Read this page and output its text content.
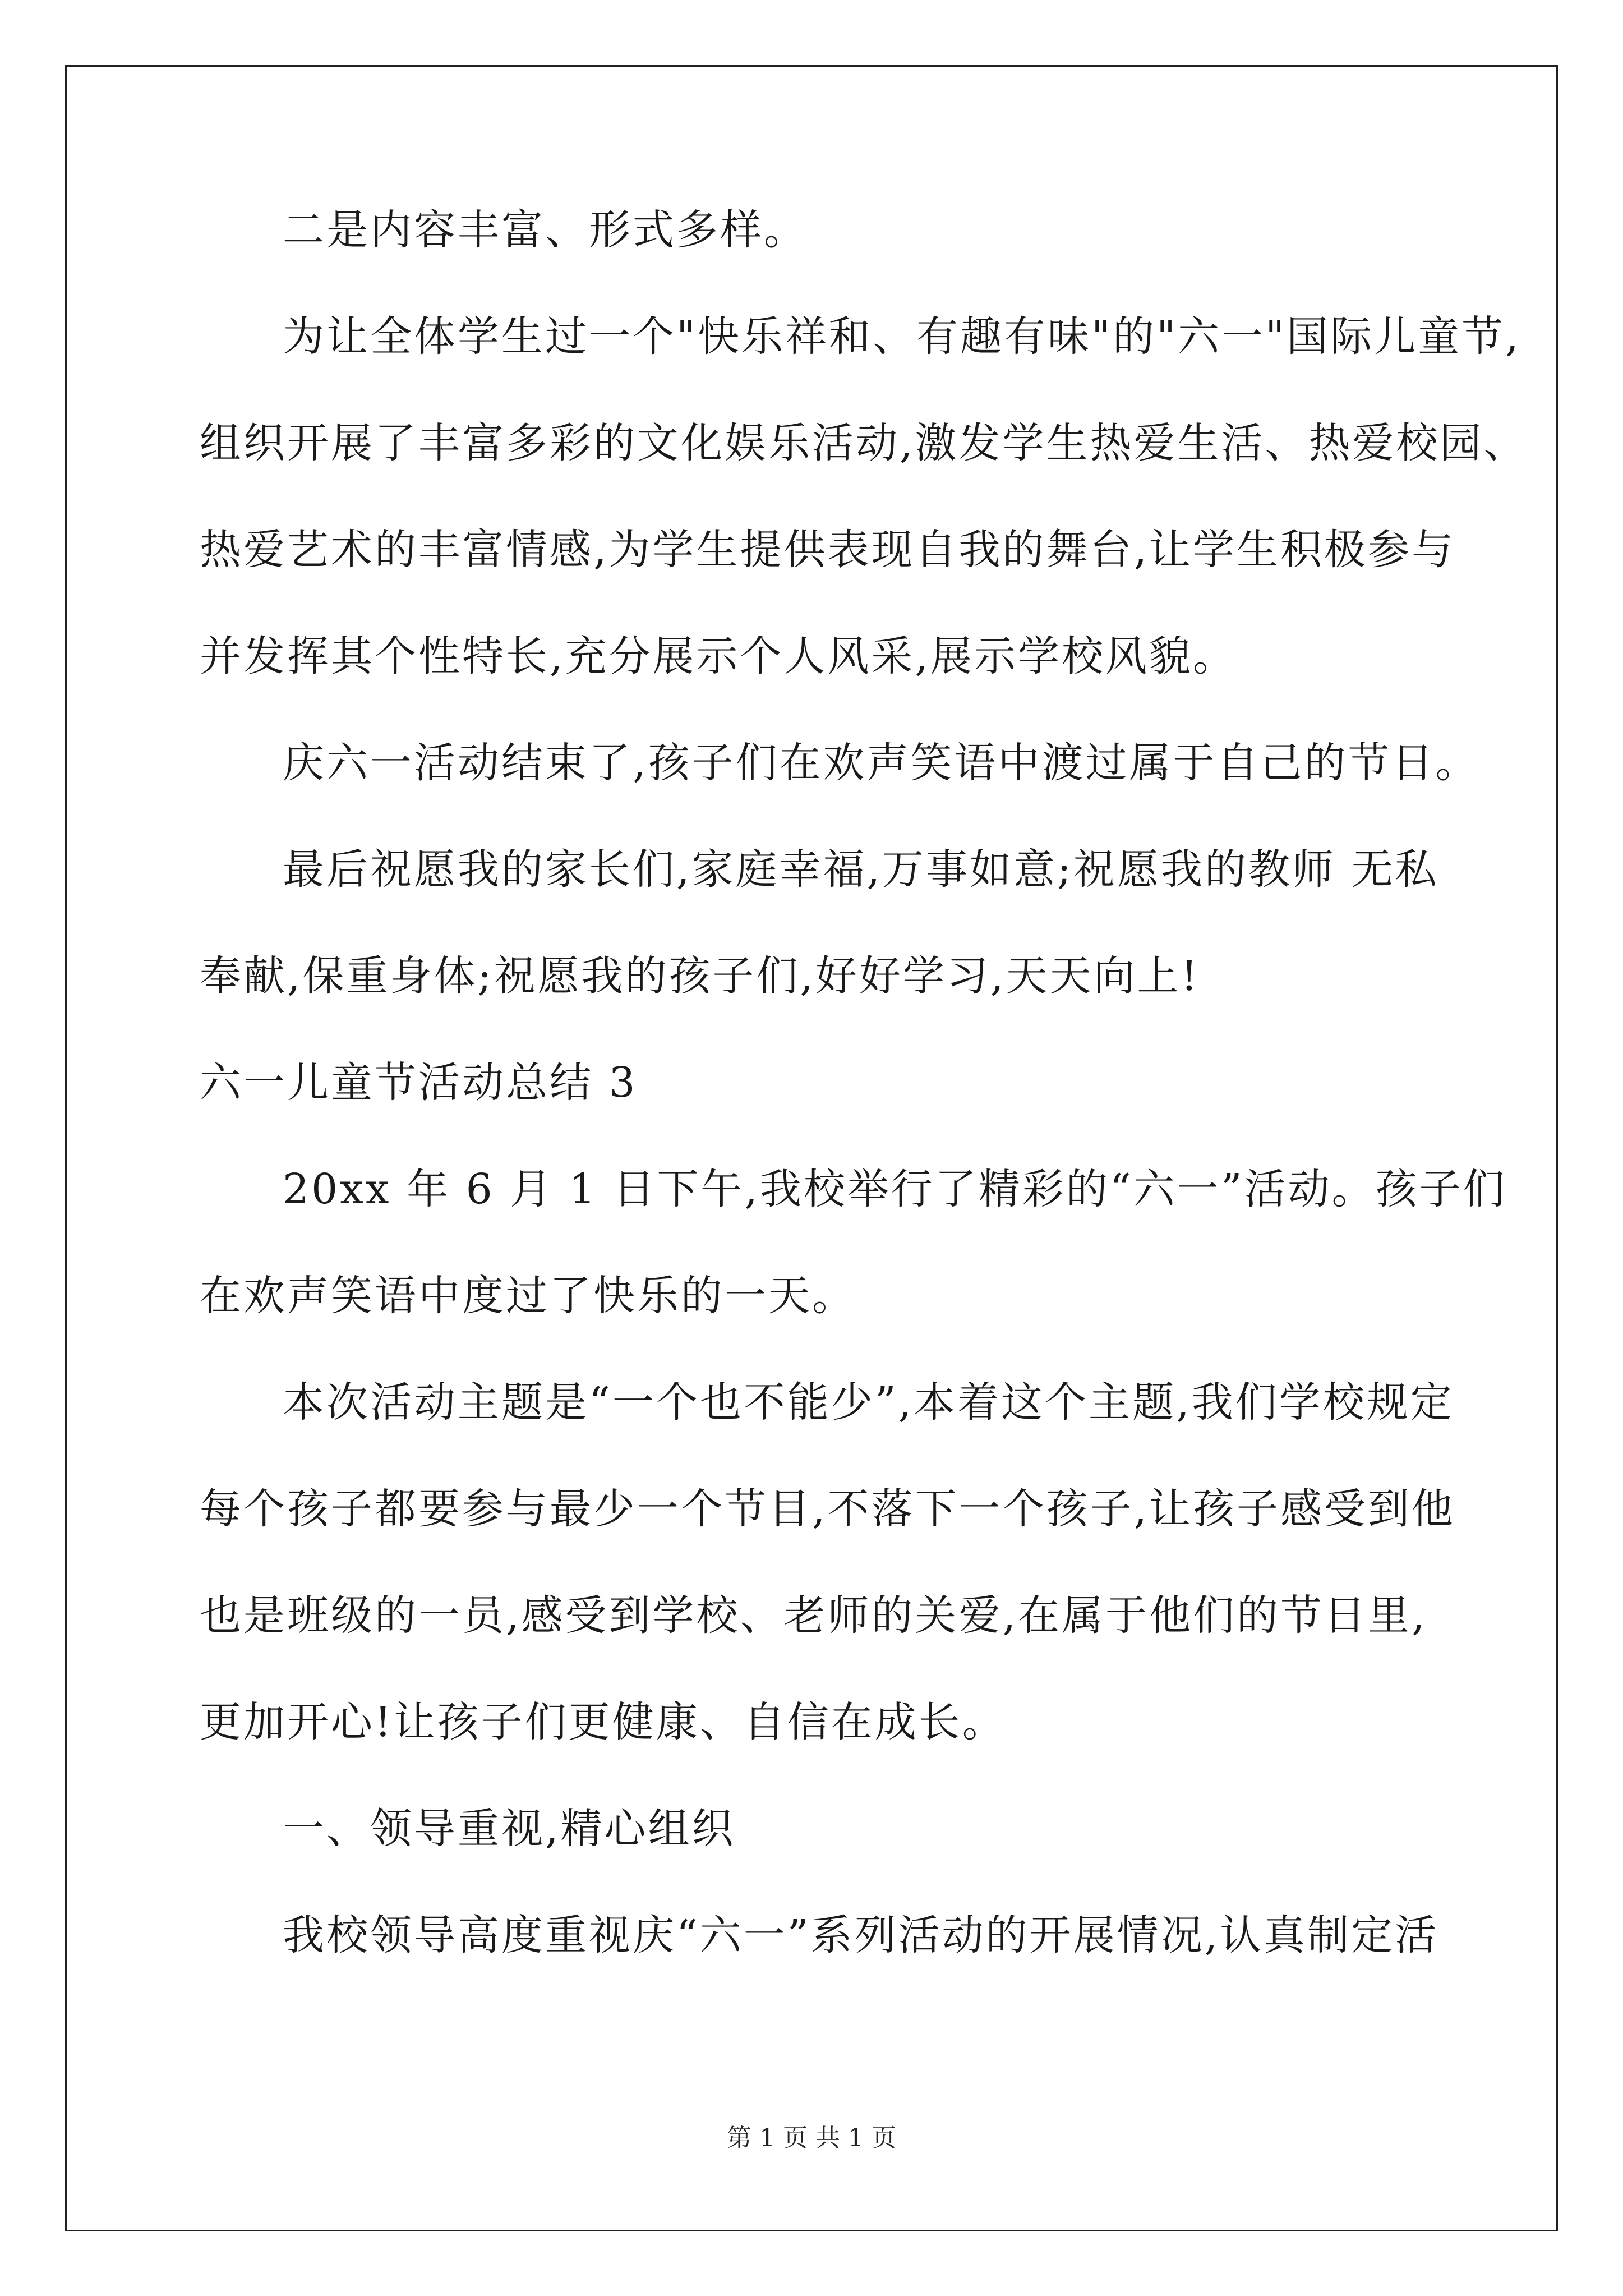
二是内容丰富、形式多样。
为让全体学生过一个"快乐祥和、有趣有味"的"六一"国际儿童节,
组织开展了丰富多彩的文化娱乐活动,激发学生热爱生活、热爱校园、
热爱艺术的丰富情感,为学生提供表现自我的舞台,让学生积极参与
并发挥其个性特长,充分展示个人风采,展示学校风貌。
庆六一活动结束了,孩子们在欢声笑语中渡过属于自己的节日。
最后祝愿我的家长们,家庭幸福,万事如意;祝愿我的教师 无私
奉献,保重身体;祝愿我的孩子们,好好学习,天天向上!
六一儿童节活动总结 3
20xx 年 6 月 1 日下午,我校举行了精彩的“六一”活动。孩子们
在欢声笑语中度过了快乐的一天。
本次活动主题是“一个也不能少”,本着这个主题,我们学校规定
每个孩子都要参与最少一个节目,不落下一个孩子,让孩子感受到他
也是班级的一员,感受到学校、老师的关爱,在属于他们的节日里,
更加开心!让孩子们更健康、自信在成长。
一、领导重视,精心组织
我校领导高度重视庆“六一”系列活动的开展情况,认真制定活
第 1 页 共 1 页
